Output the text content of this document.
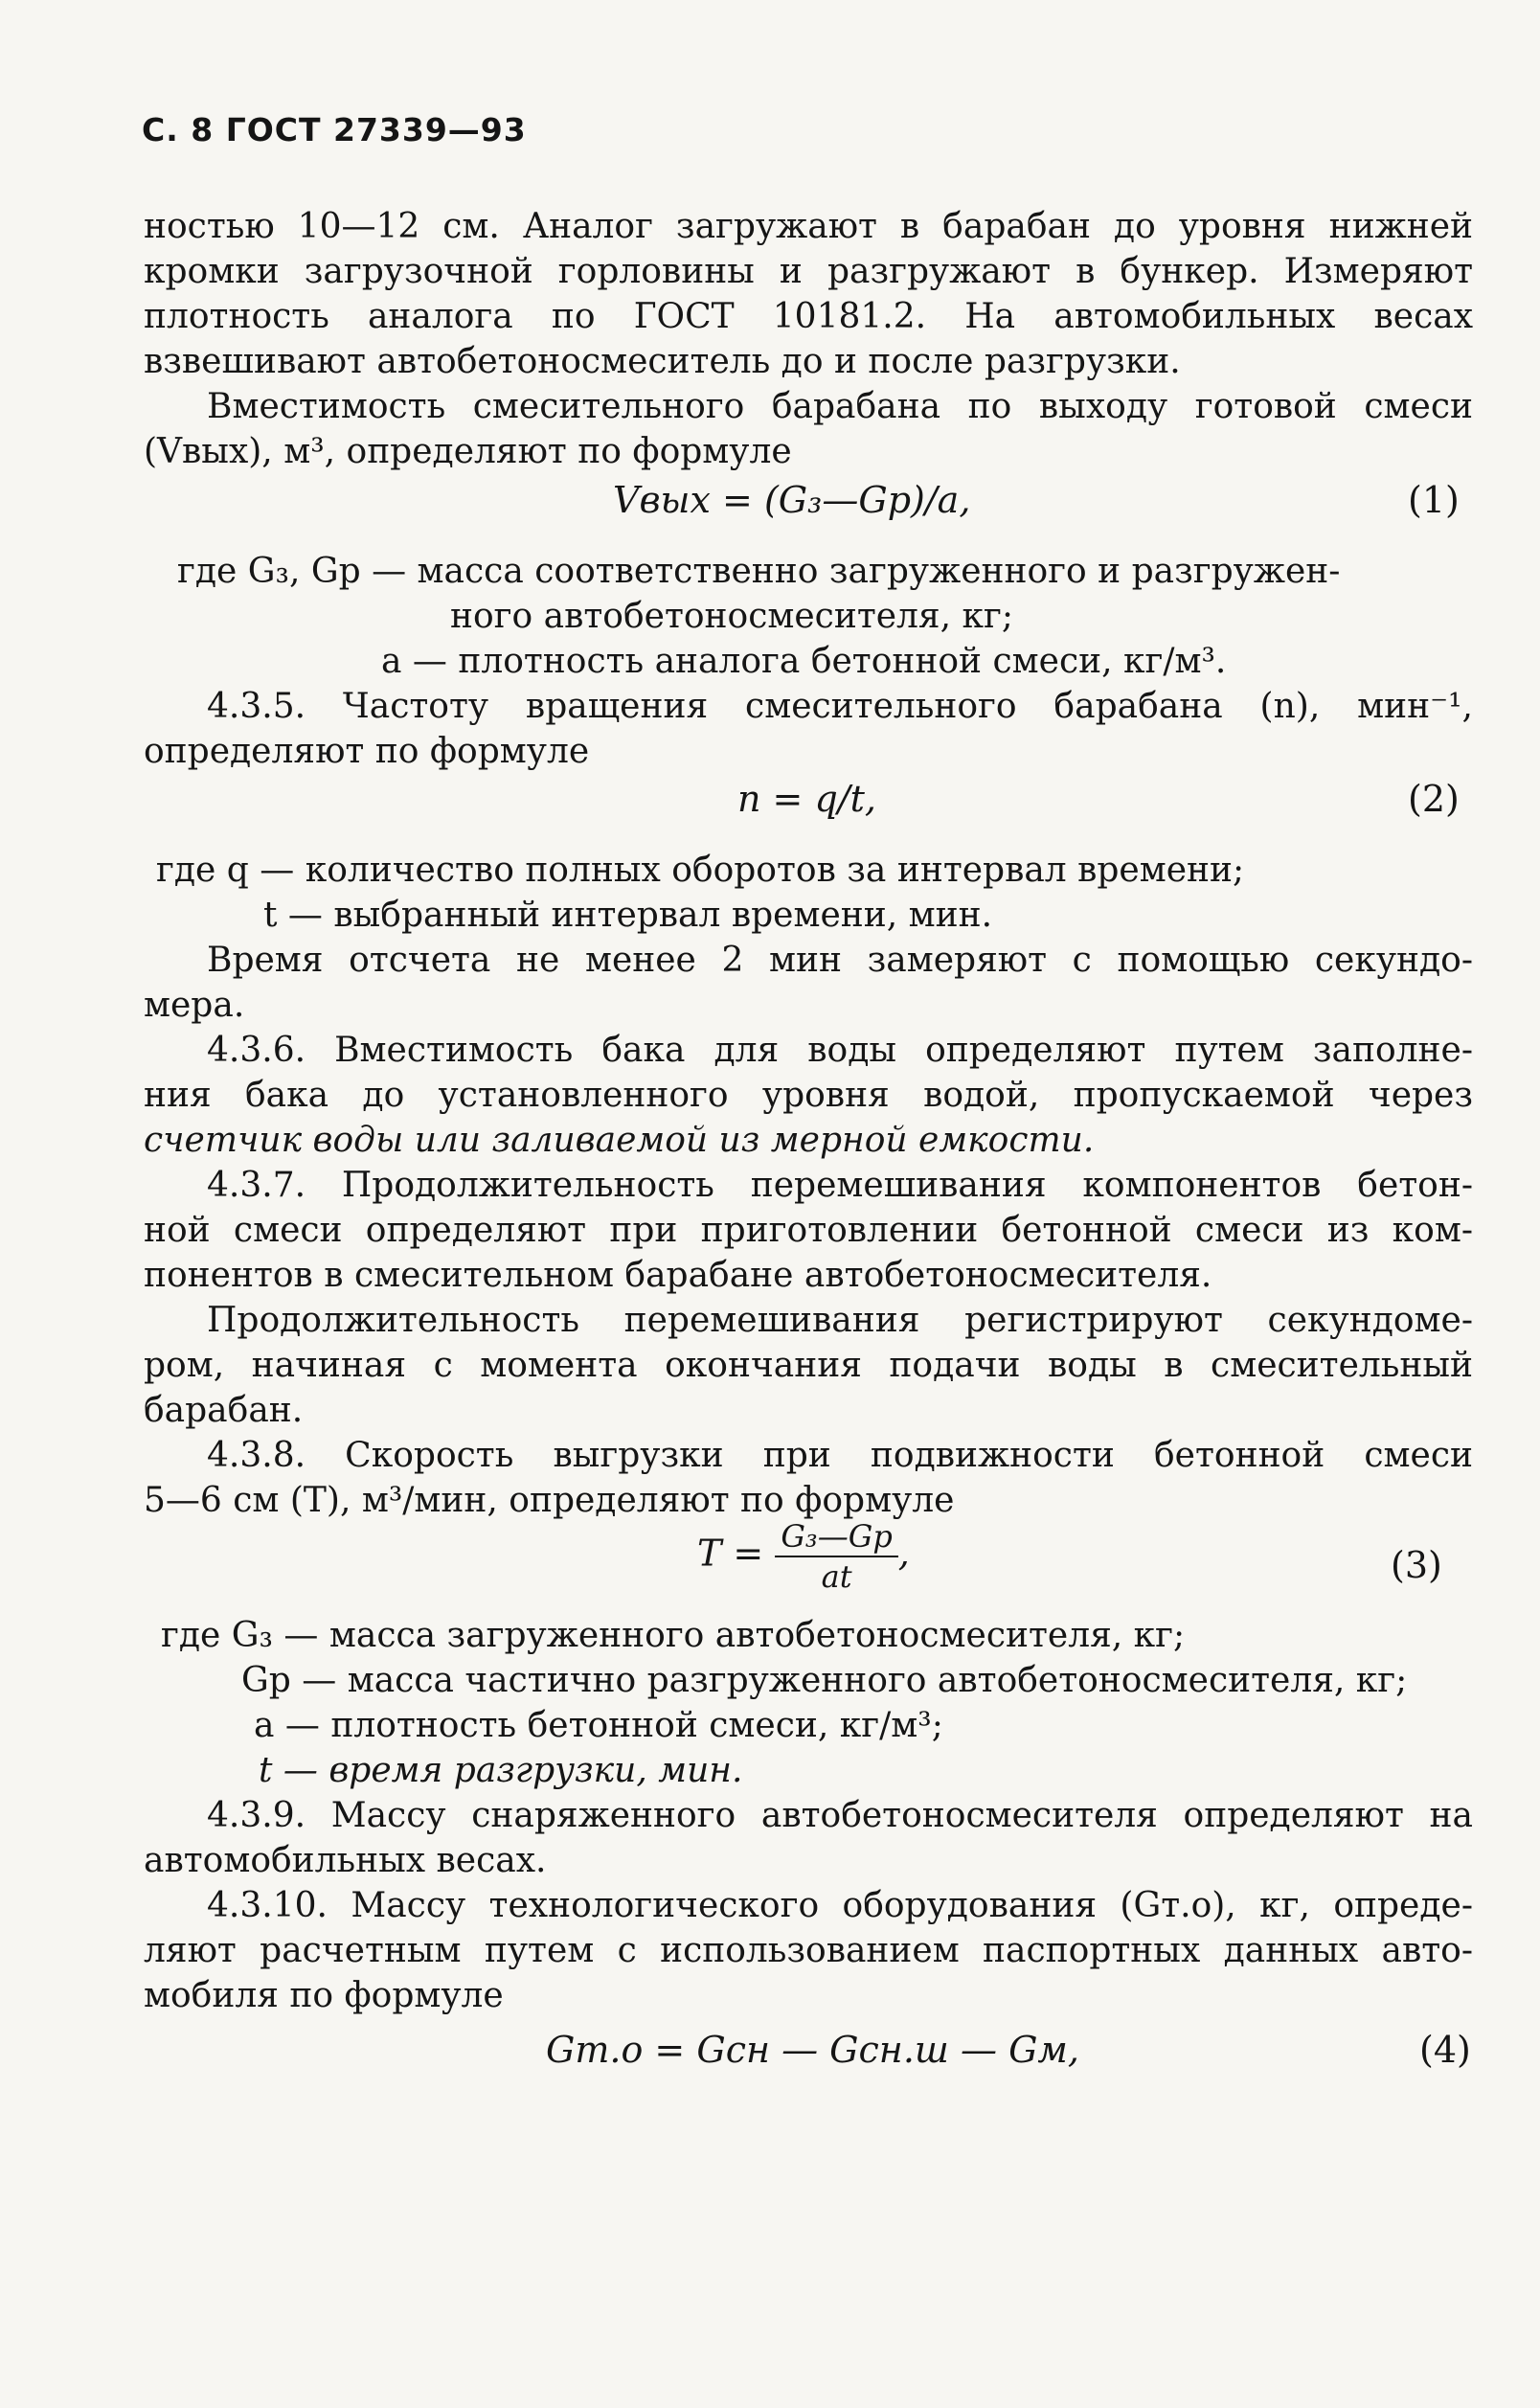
С. 8 ГОСТ 27339—93

ностью 10—12 см. Аналог загружают в барабан до уровня нижней

кромки загрузочной горловины и разгружают в бункер. Измеряют

плотность аналога по ГОСТ 10181.2. На автомобильных весах

взвешивают автобетоносмеситель до и после разгрузки.

Вместимость смесительного барабана по выходу готовой смеси

(Vвых), м³, определяют по формуле

Vвых = (G₃—Gр)/a,	(1)
где G₃, Gр — масса соответственно загруженного и разгружен-
ного автобетоносмесителя, кг;
a — плотность аналога бетонной смеси, кг/м³.

4.3.5. Частоту вращения смесительного барабана (n), мин⁻¹,

определяют по формуле

n = q/t,	(2)
где q — количество полных оборотов за интервал времени;
t — выбранный интервал времени, мин.

Время отсчета не менее 2 мин замеряют с помощью секундо-

мера.

4.3.6. Вместимость бака для воды определяют путем заполне-

ния бака до установленного уровня водой, пропускаемой через

счетчик воды или заливаемой из мерной емкости.

4.3.7. Продолжительность перемешивания компонентов бетон-

ной смеси определяют при приготовлении бетонной смеси из ком-

понентов в смесительном барабане автобетоносмесителя.

Продолжительность перемешивания регистрируют секундоме-

ром, начиная с момента окончания подачи воды в смесительный

барабан.

4.3.8. Скорость выгрузки при подвижности бетонной смеси

5—6 см (T), м³/мин, определяют по формуле

$T = \frac{\text{G₃—Gр}}{at}$ ,	(3)
где G₃ — масса загруженного автобетоносмесителя, кг;
Gр — масса частично разгруженного автобетоносмесителя, кг;
a — плотность бетонной смеси, кг/м³;
t — время разгрузки, мин.

4.3.9. Массу снаряженного автобетоносмесителя определяют на

автомобильных весах.

4.3.10. Массу технологического оборудования (Gт.о), кг, опреде-

ляют расчетным путем с использованием паспортных данных авто-

мобиля по формуле

Gт.о = Gсн — Gсн.ш — Gм,	(4)
